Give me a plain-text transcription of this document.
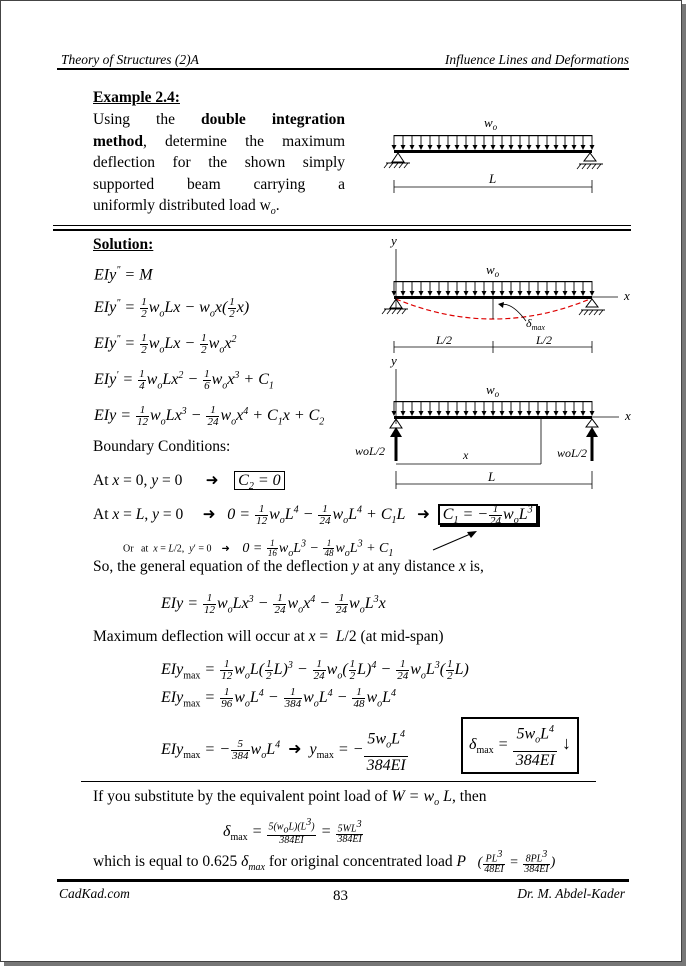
Theory of Structures (2)A	Influence Lines and Deformations
Example 2.4:
Using the double integration
method, determine the maximum
deflection for the shown simply
supported beam carrying a
uniformly distributed load $w_o$.
$w_o$
L
Solution:
EIy" = M
$EIy^" = \frac{1}{2} w_oLx - w_ox( \frac{1}{2} x)$
$EIy^" = \frac{1}{2} w_oLx - \frac{1}{2} w_ox^2$
$EIy' = \frac{1}{4} w_oLx^2 - \frac{1}{6} w_ox^3 + C_1$
EIy = $\frac{1}{12} w_oLx^3 - \frac{1}{24} w_ox^4 + C_1x + C_2$
Boundary Conditions:
At x = 0, y = 0      ➜ $C_2 = 0$
At x = L, y = 0     ➜   $0 = \frac{1}{12} w_oL^4 - \frac{1}{24} w_oL^4 + C_1L$   ➜  $C_1$ = − $\frac{1}{24} w_oL^3$
Or   at  x = L/2,  y′ = 0    ➜     $0 = \frac{1}{16} w_oL^3 - \frac{1}{48} w_oL^3 + C_1$
So, the general equation of the deflection y at any distance x is,
EIy = $\frac{1}{12} w_oLx^3 - \frac{1}{24} w_ox^4 - \frac{1}{24} w_oL^3x$
Maximum deflection will occur at x =  L/2 (at mid-span)
$EIy_{max} = \frac{1}{12} w_oL( \frac{1}{2} L)^3 - \frac{1}{24} w_o( \frac{1}{2} L)^4 - \frac{1}{24} w_oL^3( \frac{1}{2} L)$
$EIy_{max} = \frac{1}{96} w_oL^4 - \frac{1}{384} w_oL^4 - \frac{1}{48} w_oL^4$
EIy$_{max}$ = − $\frac{5}{384} w_oL^4$  ➜  $y_{max}$ = − $\frac{5w_oL^4}{384EI}$	$\delta_{max} = \frac{5w_oL^4}{384EI}$ ↓
If you substitute by the equivalent point load of $W = w_o$ L, then
$\delta_{max} = \frac{5(w_oL)(L^3)}{384EI} = \frac{5WL^3}{384EI}$
which is equal to 0.625 $\delta_{max}$ for original concentrated load P ( $\frac{PL^3}{48EI} = \frac{8PL^3}{384EI}$ )
y
$w_o$
x
$\delta_{max}$
L/2	L/2
y
$w_o$
x
woL/2	woL/2
x
L
CadKad.com	83	Dr. M. Abdel-Kader
